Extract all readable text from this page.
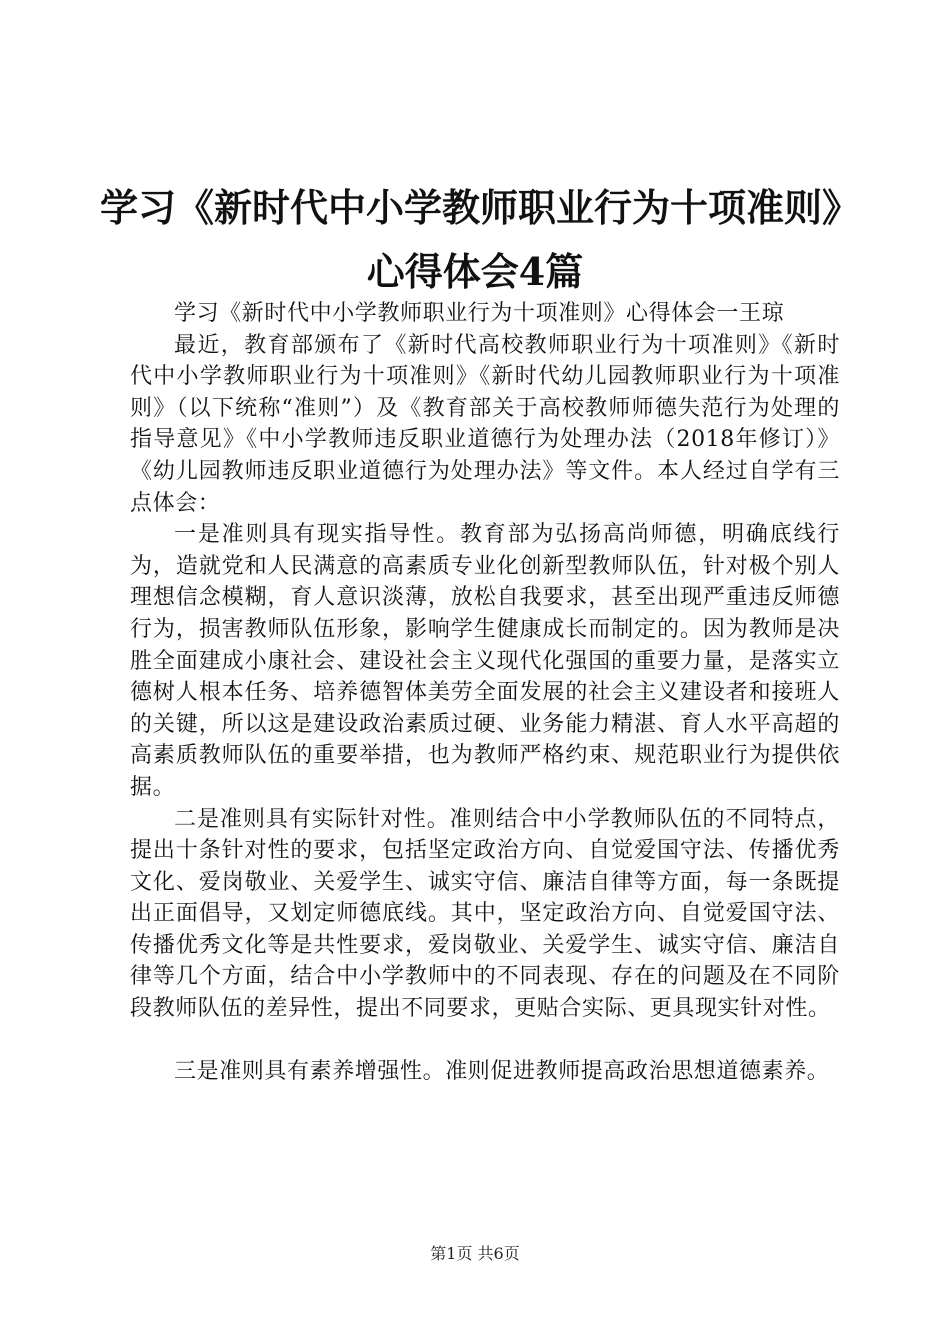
学习《新时代中小学教师职业行为十项准则》
心得体会4篇

学习《新时代中小学教师职业行为十项准则》心得体会一王琼

最近，教育部颁布了《新时代高校教师职业行为十项准则》《新时代中小学教师职业行为十项准则》《新时代幼儿园教师职业行为十项准则》（以下统称“准则”）及《教育部关于高校教师师德失范行为处理的指导意见》《中小学教师违反职业道德行为处理办法（2018年修订）》《幼儿园教师违反职业道德行为处理办法》等文件。本人经过自学有三点体会：

一是准则具有现实指导性。教育部为弘扬高尚师德，明确底线行为，造就党和人民满意的高素质专业化创新型教师队伍，针对极个别人理想信念模糊，育人意识淡薄，放松自我要求，甚至出现严重违反师德行为，损害教师队伍形象，影响学生健康成长而制定的。因为教师是决胜全面建成小康社会、建设社会主义现代化强国的重要力量，是落实立德树人根本任务、培养德智体美劳全面发展的社会主义建设者和接班人的关键，所以这是建设政治素质过硬、业务能力精湛、育人水平高超的高素质教师队伍的重要举措，也为教师严格约束、规范职业行为提供依据。

二是准则具有实际针对性。准则结合中小学教师队伍的不同特点，提出十条针对性的要求，包括坚定政治方向、自觉爱国守法、传播优秀文化、爱岗敬业、关爱学生、诚实守信、廉洁自律等方面，每一条既提出正面倡导，又划定师德底线。其中，坚定政治方向、自觉爱国守法、传播优秀文化等是共性要求，爱岗敬业、关爱学生、诚实守信、廉洁自律等几个方面，结合中小学教师中的不同表现、存在的问题及在不同阶段教师队伍的差异性，提出不同要求，更贴合实际、更具现实针对性。

三是准则具有素养增强性。准则促进教师提高政治思想道德素养。

第1页 共6页
